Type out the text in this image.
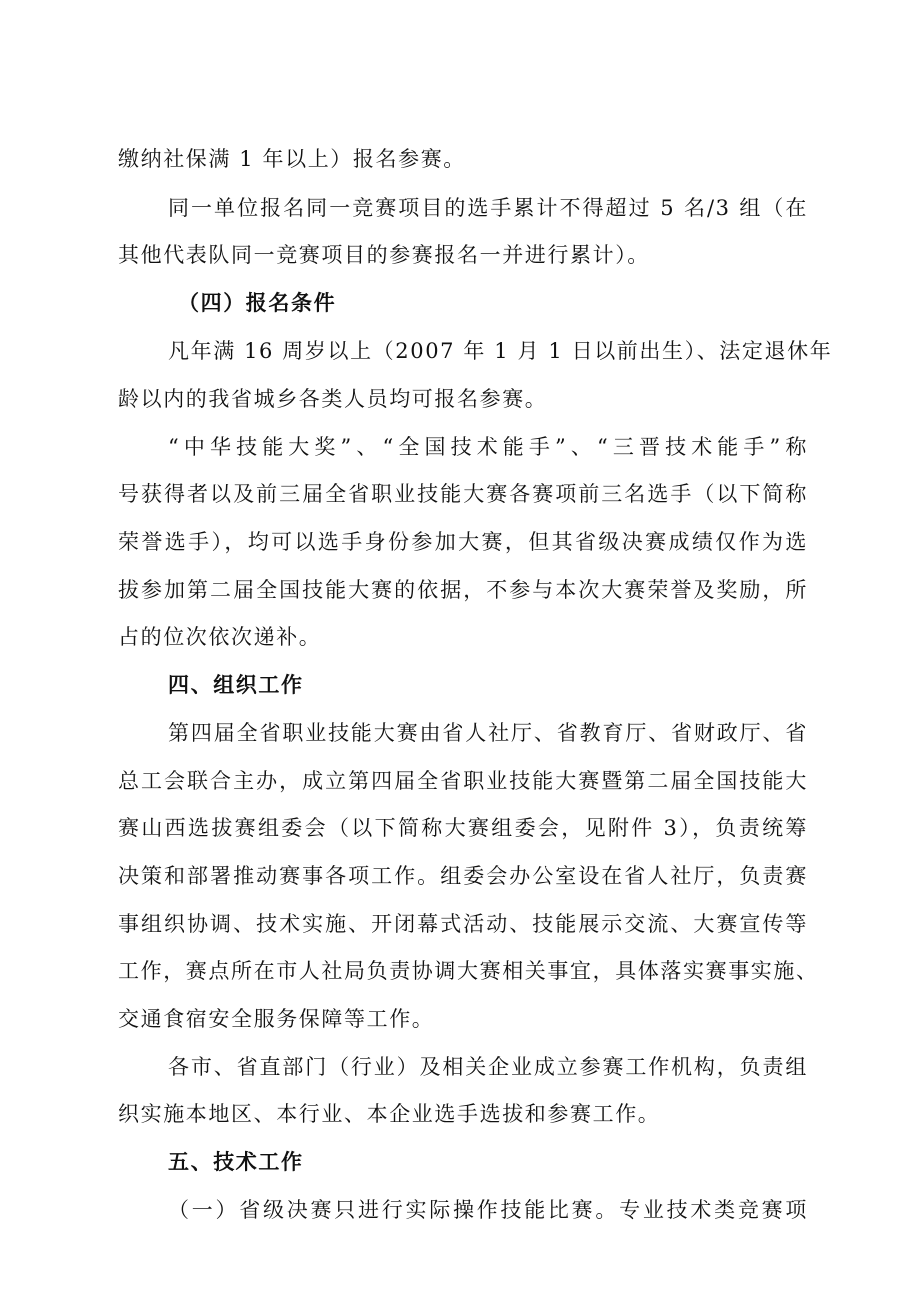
缴纳社保满 1 年以上）报名参赛。
同一单位报名同一竞赛项目的选手累计不得超过 5 名/3 组（在
其他代表队同一竞赛项目的参赛报名一并进行累计）。
（四）报名条件
凡年满 16 周岁以上（2007 年 1 月 1 日以前出生）、法定退休年
龄以内的我省城乡各类人员均可报名参赛。
“中华技能大奖”、“全国技术能手”、“三晋技术能手”称
号获得者以及前三届全省职业技能大赛各赛项前三名选手（以下简称
荣誉选手），均可以选手身份参加大赛，但其省级决赛成绩仅作为选
拔参加第二届全国技能大赛的依据，不参与本次大赛荣誉及奖励，所
占的位次依次递补。
四、组织工作
第四届全省职业技能大赛由省人社厅、省教育厅、省财政厅、省
总工会联合主办，成立第四届全省职业技能大赛暨第二届全国技能大
赛山西选拔赛组委会（以下简称大赛组委会，见附件 3），负责统筹
决策和部署推动赛事各项工作。组委会办公室设在省人社厅，负责赛
事组织协调、技术实施、开闭幕式活动、技能展示交流、大赛宣传等
工作，赛点所在市人社局负责协调大赛相关事宜，具体落实赛事实施、
交通食宿安全服务保障等工作。
各市、省直部门（行业）及相关企业成立参赛工作机构，负责组
织实施本地区、本行业、本企业选手选拔和参赛工作。
五、技术工作
（一）省级决赛只进行实际操作技能比赛。专业技术类竞赛项
